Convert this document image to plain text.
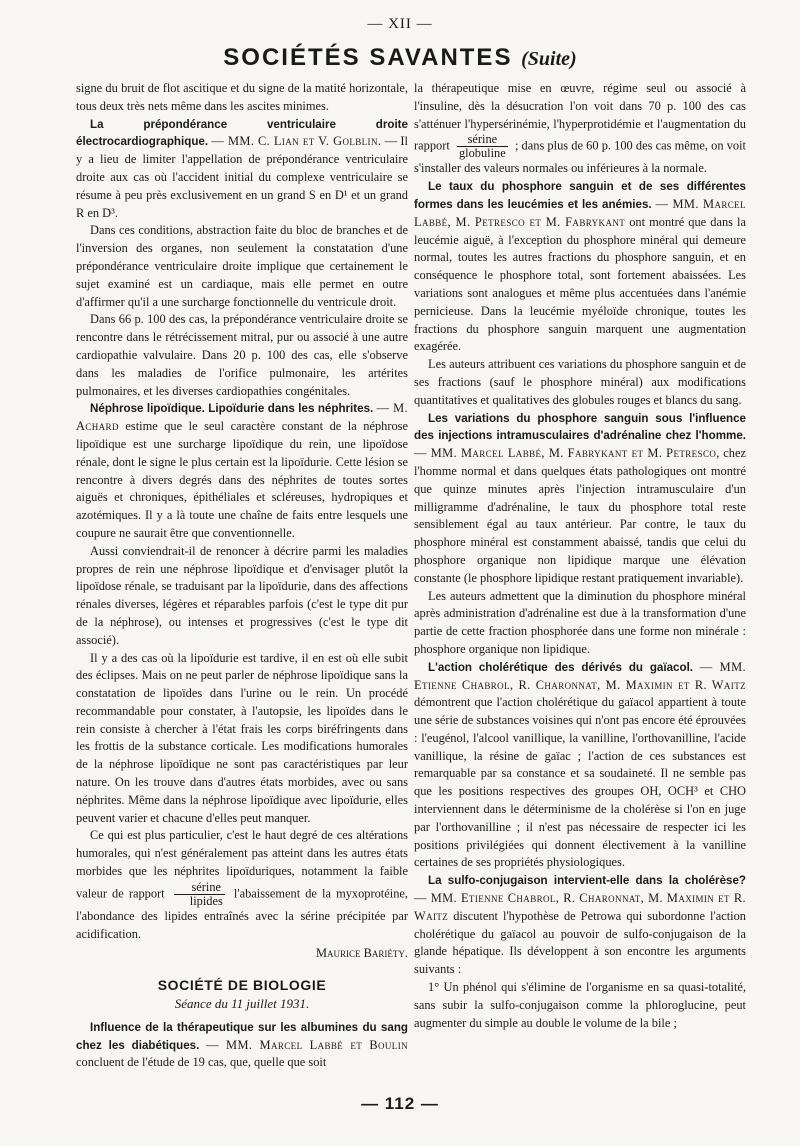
— XII —
SOCIÉTÉS SAVANTES (Suite)

signe du bruit de flot ascitique et du signe de la matité horizontale, tous deux très nets même dans les ascites minimes.

La prépondérance ventriculaire droite électrocardiographique. — MM. C. Lian et V. Golblin. — Il y a lieu de limiter l'appellation de prépondérance ventriculaire droite aux cas où l'accident initial du complexe ventriculaire se résume à peu près exclusivement en un grand S en D¹ et un grand R en D³.

Dans ces conditions, abstraction faite du bloc de branches et de l'inversion des organes, non seulement la constatation d'une prépondérance ventriculaire droite implique que certainement le sujet examiné est un cardiaque, mais elle permet en outre d'affirmer qu'il a une surcharge fonctionnelle du ventricule droit.

Dans 66 p. 100 des cas, la prépondérance ventriculaire droite se rencontre dans le rétrécissement mitral, pur ou associé à une autre cardiopathie valvulaire. Dans 20 p. 100 des cas, elle s'observe dans les maladies de l'orifice pulmonaire, les artérites pulmonaires, et les diverses cardiopathies congénitales.

Néphrose lipoïdique. Lipoïdurie dans les néphrites. — M. Achard estime que le seul caractère constant de la néphrose lipoïdique est une surcharge lipoïdique du rein, une lipoïdose rénale, dont le signe le plus certain est la lipoïdurie. Cette lésion se rencontre à divers degrés dans des néphrites de toutes sortes aiguës et chroniques, épithéliales et scléreuses, hydropiques et azotémiques. Il y a là toute une chaîne de faits entre lesquels une coupure ne saurait être que conventionnelle.

Aussi conviendrait-il de renoncer à décrire parmi les maladies propres de rein une néphrose lipoïdique et d'envisager plutôt la lipoïdose rénale, se traduisant par la lipoïdurie, dans des affections rénales diverses, légères et réparables parfois (c'est le type dit pur de la néphrose), ou intenses et progressives (c'est le type dit associé).

Il y a des cas où la lipoïdurie est tardive, il en est où elle subit des éclipses. Mais on ne peut parler de néphrose lipoïdique sans la constatation de lipoïdes dans l'urine ou le rein. Un procédé recommandable pour constater, à l'autopsie, les lipoïdes dans le rein consiste à chercher à l'état frais les corps biréfringents dans les frottis de la substance corticale. Les modifications humorales de la néphrose lipoïdique ne sont pas caractéristiques par leur nature. On les trouve dans d'autres états morbides, avec ou sans néphrites. Même dans la néphrose lipoïdique avec lipoïdurie, elles peuvent varier et chacune d'elles peut manquer.

Ce qui est plus particulier, c'est le haut degré de ces altérations humorales, qui n'est généralement pas atteint dans les autres états morbides que les néphrites lipoïduriques, notamment la faible valeur de rapport $\frac{\text{sérine}}{\text{lipides}}$ l'abaissement de la myxoprotéine, l'abondance des lipides entraînés avec la sérine précipitée par acidification.

Maurice Bariéty.
SOCIÉTÉ DE BIOLOGIE
Séance du 11 juillet 1931.

Influence de la thérapeutique sur les albumines du sang chez les diabétiques. — MM. Marcel Labbé et Boulin concluent de l'étude de 19 cas, que, quelle que soit

la thérapeutique mise en œuvre, régime seul ou associé à l'insuline, dès la désucration l'on voit dans 70 p. 100 des cas s'atténuer l'hypersérinémie, l'hyperprotidémie et l'augmentation du rapport $\frac{\text{sérine}}{\text{globuline}}$ ; dans plus de 60 p. 100 des cas même, on voit s'installer des valeurs normales ou inférieures à la normale.

Le taux du phosphore sanguin et de ses différentes formes dans les leucémies et les anémies. — MM. Marcel Labbé, M. Petresco et M. Fabrykant ont montré que dans la leucémie aiguë, à l'exception du phosphore minéral qui demeure normal, toutes les autres fractions du phosphore sanguin, et en conséquence le phosphore total, sont fortement abaissées. Les variations sont analogues et même plus accentuées dans l'anémie pernicieuse. Dans la leucémie myéloïde chronique, toutes les fractions du phosphore sanguin marquent une augmentation exagérée.

Les auteurs attribuent ces variations du phosphore sanguin et de ses fractions (sauf le phosphore minéral) aux modifications quantitatives et qualitatives des globules rouges et blancs du sang.

Les variations du phosphore sanguin sous l'influence des injections intramusculaires d'adrénaline chez l'homme. — MM. Marcel Labbé, M. Fabrykant et M. Petresco, chez l'homme normal et dans quelques états pathologiques ont montré que quinze minutes après l'injection intramusculaire d'un milligramme d'adrénaline, le taux du phosphore total reste sensiblement égal au taux antérieur. Par contre, le taux du phosphore minéral est constamment abaissé, tandis que celui du phosphore organique non lipidique marque une élévation constante (le phosphore lipidique restant pratiquement invariable).

Les auteurs admettent que la diminution du phosphore minéral après administration d'adrénaline est due à la transformation d'une partie de cette fraction phosphorée dans une forme non minérale : phosphore organique non lipidique.

L'action cholérétique des dérivés du gaïacol. — MM. Etienne Chabrol, R. Charonnat, M. Maximin et R. Waitz démontrent que l'action cholérétique du gaïacol appartient à toute une série de substances voisines qui n'ont pas encore été éprouvées : l'eugénol, l'alcool vanillique, la vanilline, l'orthovanilline, l'acide vanillique, la résine de gaïac ; l'action de ces substances est remarquable par sa constance et sa soudaineté. Il ne semble pas que les positions respectives des groupes OH, OCH³ et CHO interviennent dans le déterminisme de la cholérèse si l'on en juge par l'orthovanilline ; il n'est pas nécessaire de respecter ici les positions privilégiées qui donnent électivement à la vanilline certaines de ses propriétés physiologiques.

La sulfo-conjugaison intervient-elle dans la cholérèse? — MM. Etienne Chabrol, R. Charonnat, M. Maximin et R. Waitz discutent l'hypothèse de Petrowa qui subordonne l'action cholérétique du gaïacol au pouvoir de sulfo-conjugaison de la glande hépatique. Ils développent à son encontre les arguments suivants :

1° Un phénol qui s'élimine de l'organisme en sa quasi-totalité, sans subir la sulfo-conjugaison comme la phloroglucine, peut augmenter du simple au double le volume de la bile ;

— 112 —
